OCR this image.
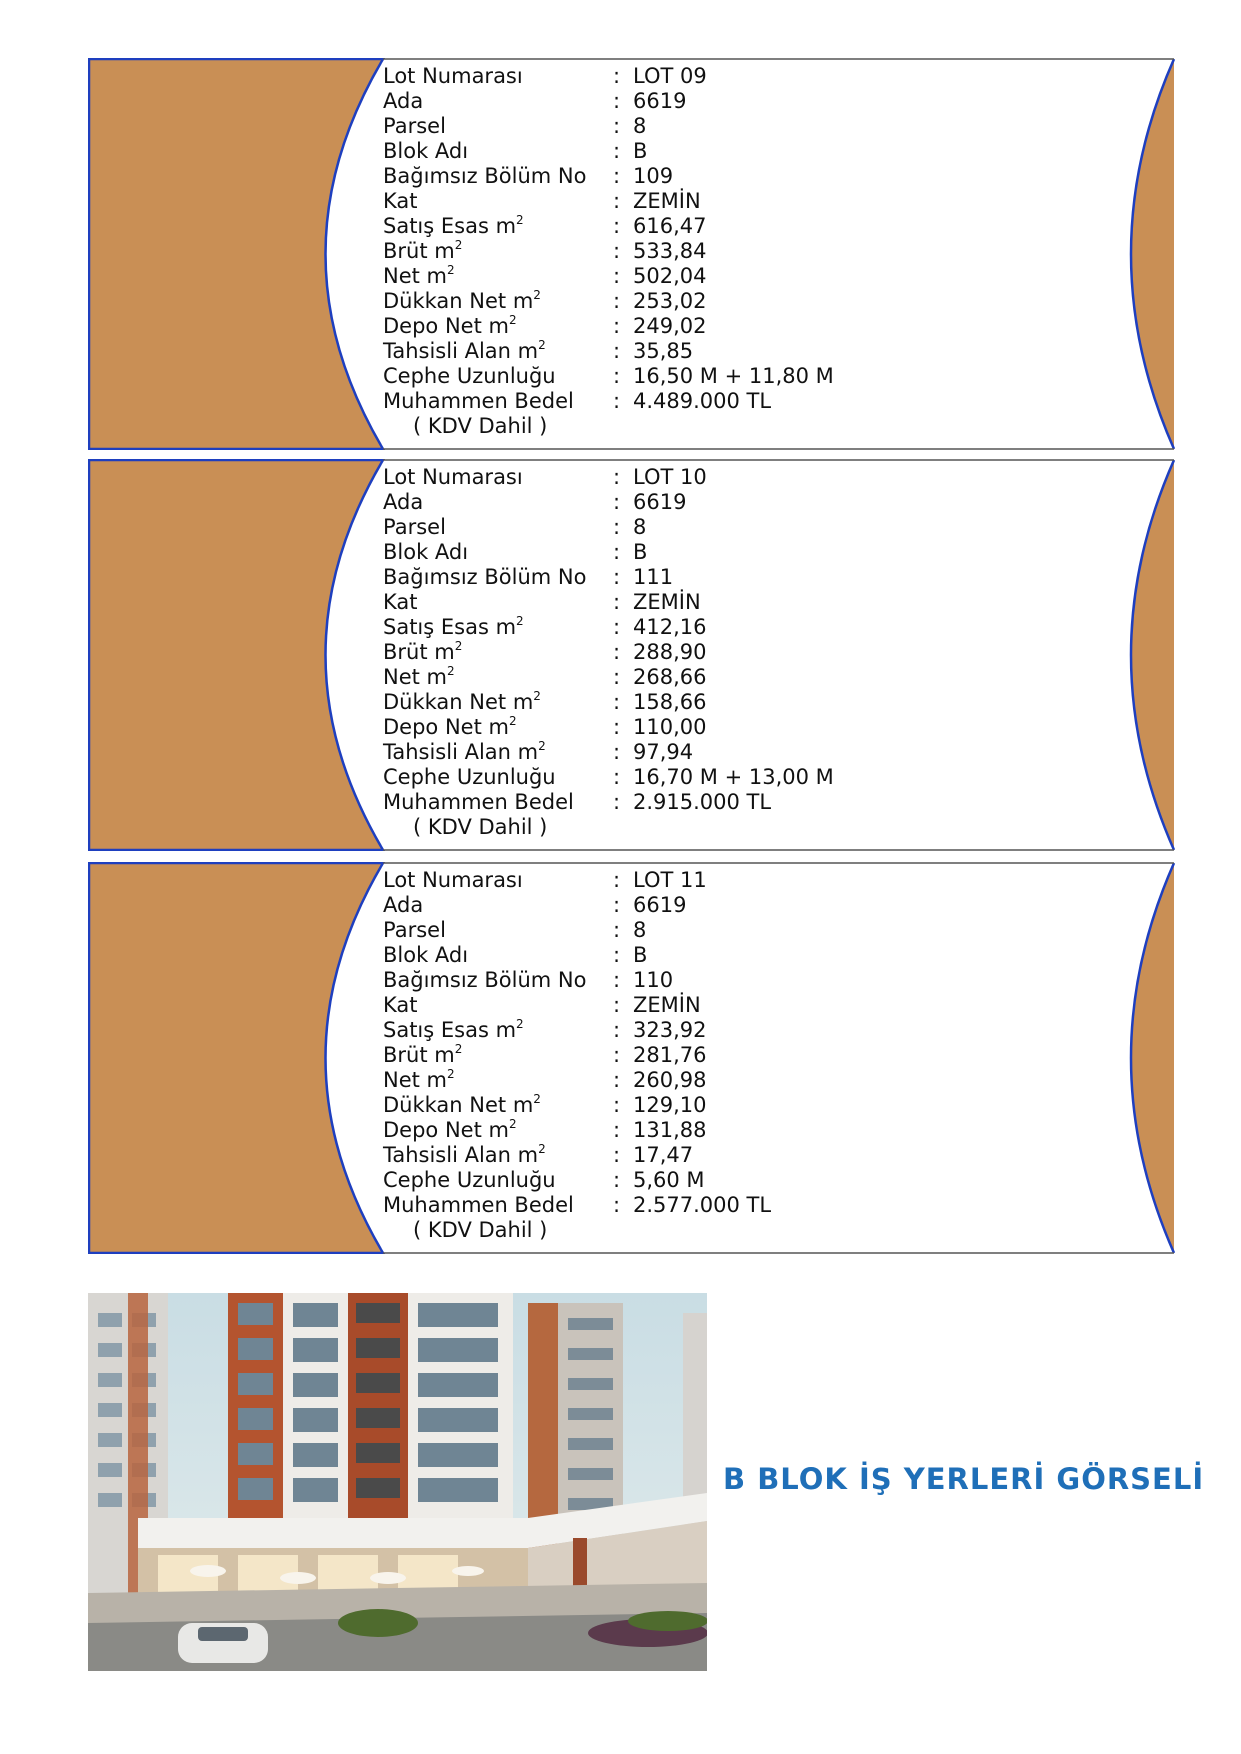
Lot Numarası	: LOT 09
Ada	: 6619
Parsel	: 8
Blok Adı	: B
Bağımsız Bölüm No : 109
Kat	: ZEMİN
Satış Esas $m^2$	: 616,47
Brüt $m^2$	: 533,84
Net $m^2$	: 502,04
Dükkan Net $m^2$	: 253,02
Depo Net $m^2$	: 249,02
Tahsisli Alan $m^2$	: 35,85
Cephe Uzunluğu	: 16,50 M + 11,80 M
Muhammen Bedel : 4.489.000 TL
( KDV Dahil )
Lot Numarası	: LOT 10
Ada	: 6619
Parsel	: 8
Blok Adı	: B
Bağımsız Bölüm No : 111
Kat	: ZEMİN
Satış Esas $m^2$	: 412,16
Brüt $m^2$	: 288,90
Net $m^2$	: 268,66
Dükkan Net $m^2$	: 158,66
Depo Net $m^2$	: 110,00
Tahsisli Alan $m^2$	: 97,94
Cephe Uzunluğu	: 16,70 M + 13,00 M
Muhammen Bedel : 2.915.000 TL
( KDV Dahil )
Lot Numarası	: LOT 11
Ada	: 6619
Parsel	: 8
Blok Adı	: B
Bağımsız Bölüm No : 110
Kat	: ZEMİN
Satış Esas $m^2$	: 323,92
Brüt $m^2$	: 281,76
Net $m^2$	: 260,98
Dükkan Net $m^2$	: 129,10
Depo Net $m^2$	: 131,88
Tahsisli Alan $m^2$	: 17,47
Cephe Uzunluğu	: 5,60 M
Muhammen Bedel : 2.577.000 TL
( KDV Dahil )
B BLOK İŞ YERLERİ GÖRSELİ
